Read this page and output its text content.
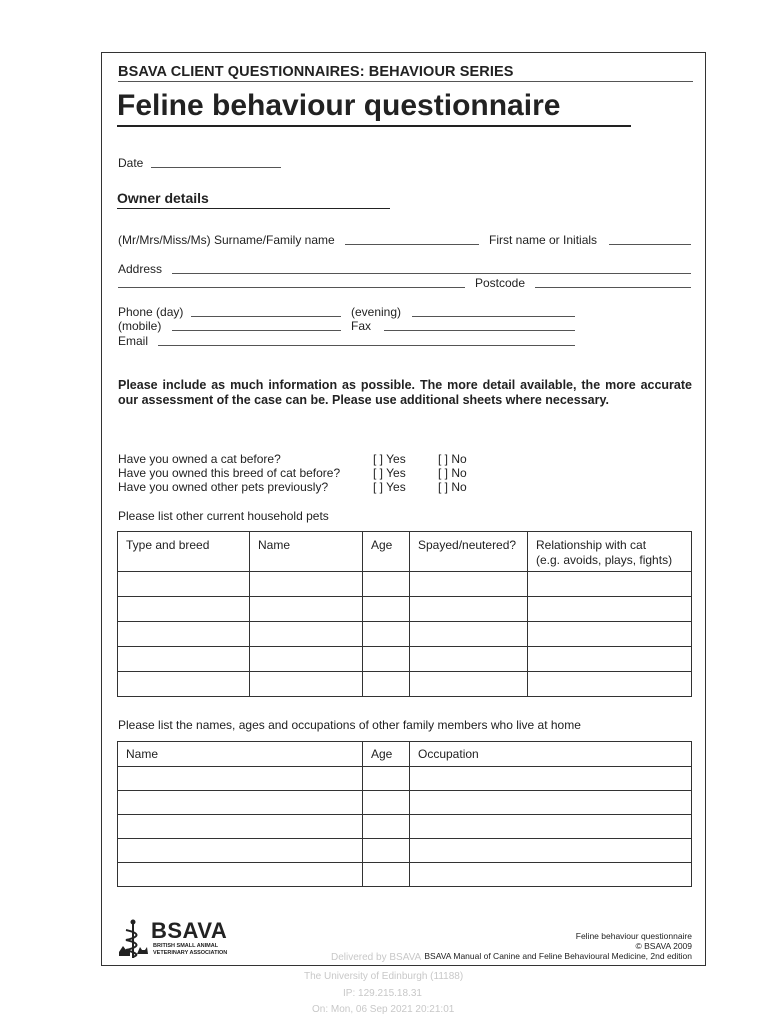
BSAVA CLIENT QUESTIONNAIRES: BEHAVIOUR SERIES
Feline behaviour questionnaire
Date
Owner details
(Mr/Mrs/Miss/Ms) Surname/Family name	First name or Initials
Address
Postcode
Phone (day)	(evening)
(mobile)	Fax
Email
Please include as much information as possible. The more detail available, the more accurate our assessment of the case can be. Please use additional sheets where necessary.
Have you owned a cat before?	[ ] Yes	[ ] No
Have you owned this breed of cat before?	[ ] Yes	[ ] No
Have you owned other pets previously?	[ ] Yes	[ ] No
Please list other current household pets
Type and breed	Name	Age	Spayed/neutered?	Relationship with cat
(e.g. avoids, plays, fights)

Please list the names, ages and occupations of other family members who live at home
Name	Age	Occupation

BSAVA
BRITISH SMALL ANIMAL
VETERINARY ASSOCIATION
Feline behaviour questionnaire
© BSAVA 2009
BSAVA Manual of Canine and Feline Behavioural Medicine, 2nd edition
Delivered by BSAVA
The University of Edinburgh (11188)
IP: 129.215.18.31
On: Mon, 06 Sep 2021 20:21:01
